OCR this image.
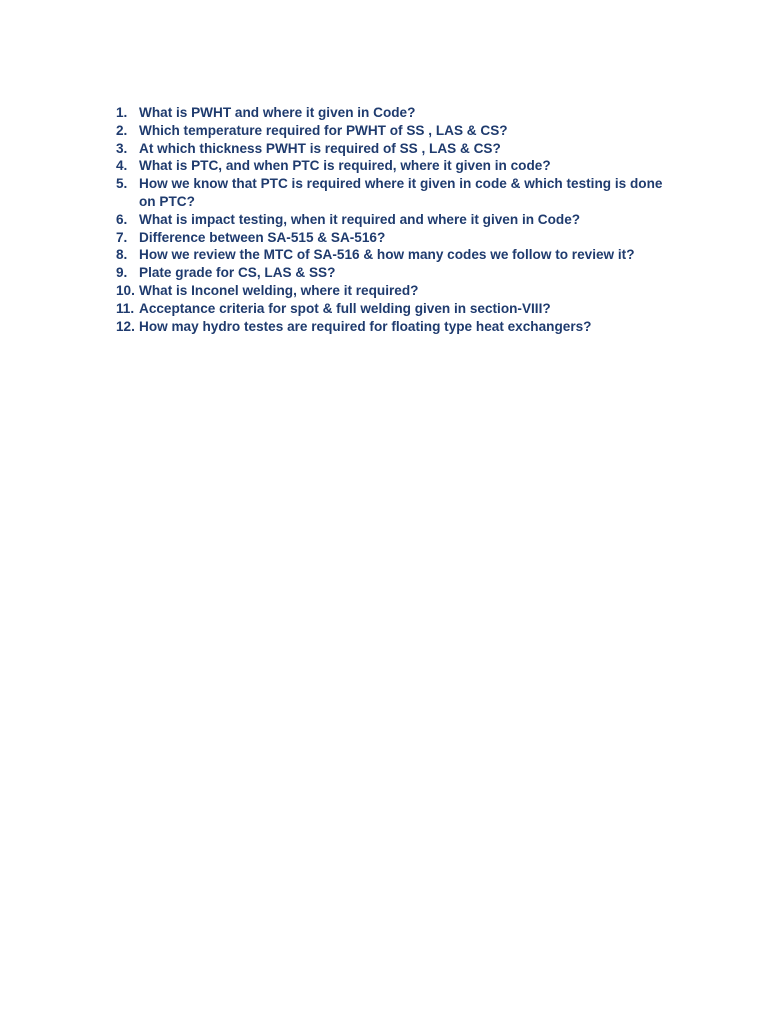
1. What is PWHT and where it given in Code?
2. Which temperature required for PWHT of SS , LAS & CS?
3. At which thickness PWHT is required of SS , LAS & CS?
4. What is PTC, and when PTC is required, where it given in code?
5. How we know that PTC is required where it given in code & which testing is done on PTC?
6. What is impact testing, when it required and where it given in Code?
7. Difference between SA-515 & SA-516?
8. How we review the MTC of SA-516 & how many codes we follow to review it?
9. Plate grade for CS, LAS & SS?
10. What is Inconel welding, where it required?
11. Acceptance criteria for spot & full welding given in section-VIII?
12. How may hydro testes are required for floating type heat exchangers?
